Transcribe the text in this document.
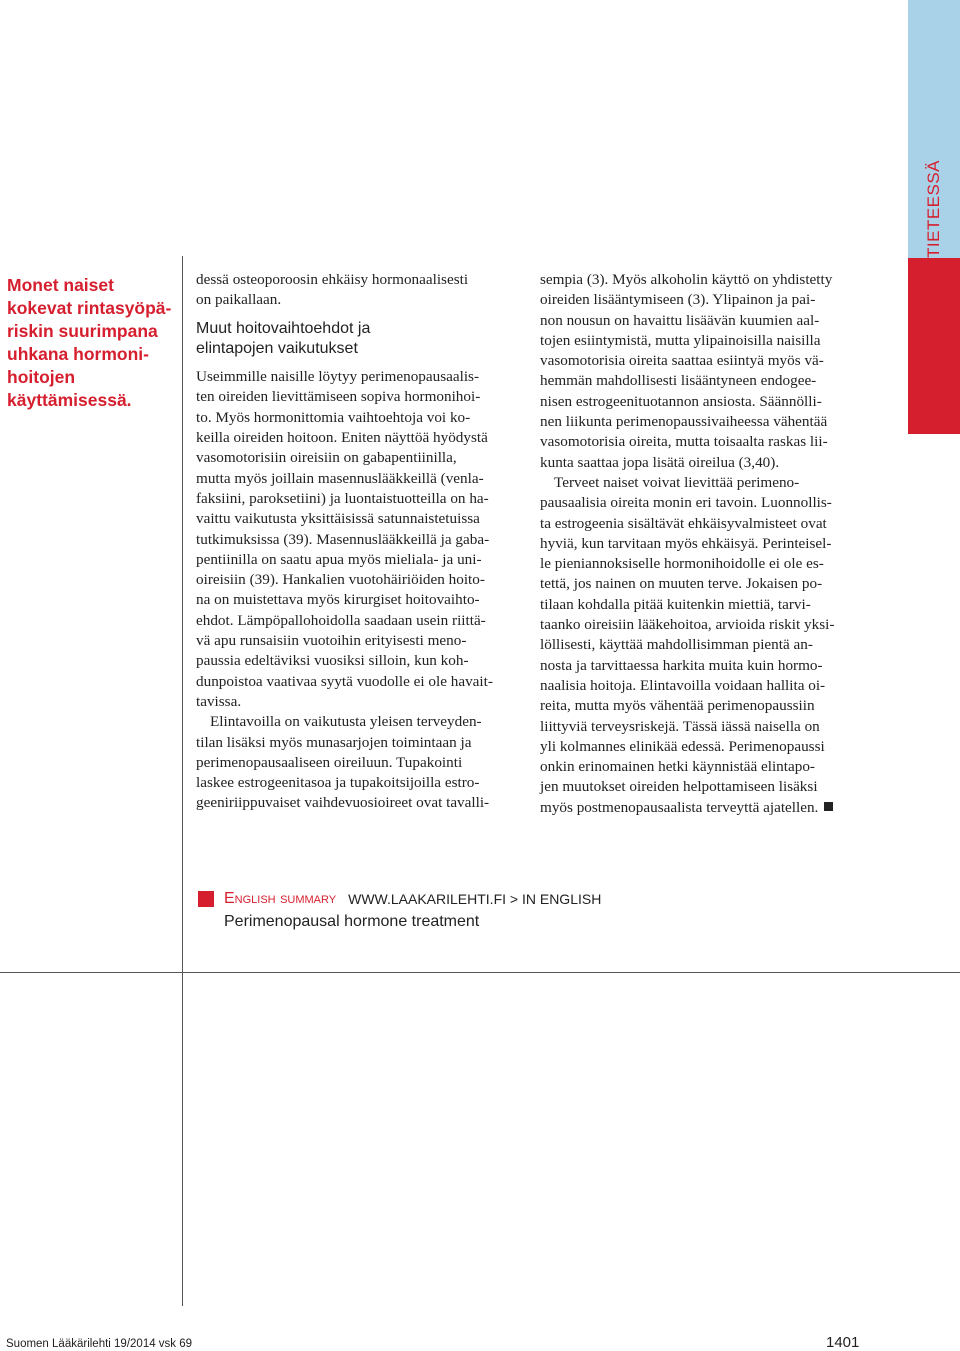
TIETEESSÄ
Monet naiset
kokevat rintasyöpä-
riskin suurimpana
uhkana hormoni-
hoitojen
käyttämisessä.
dessä osteoporoosin ehkäisy hormonaalisesti
on paikallaan.
Muut hoitovaihtoehdot ja
elintapojen vaikutukset
Useimmille naisille löytyy perimenopausaalis-
ten oireiden lievittämiseen sopiva hormonihoi-
to. Myös hormonittomia vaihtoehtoja voi ko-
keilla oireiden hoitoon. Eniten näyttöä hyödystä
vasomotorisiin oireisiin on gabapentiinilla,
mutta myös joillain masennuslääkkeillä (venla-
faksiini, paroksetiini) ja luontaistuotteilla on ha-
vaittu vaikutusta yksittäisissä satunnaistetuissa
tutkimuksissa (39). Masennuslääkkeillä ja gaba-
pentiinilla on saatu apua myös mieliala- ja uni-
oireisiin (39). Hankalien vuotohäiriöiden hoito-
na on muistettava myös kirurgiset hoitovaihto-
ehdot. Lämpöpallohoidolla saadaan usein riittä-
vä apu runsaisiin vuotoihin erityisesti meno-
paussia edeltäviksi vuosiksi silloin, kun koh-
dunpoistoa vaativaa syytä vuodolle ei ole havait-
tavissa.
Elintavoilla on vaikutusta yleisen terveyden-
tilan lisäksi myös munasarjojen toimintaan ja
perimenopausaaliseen oireiluun. Tupakointi
laskee estrogeenitasoa ja tupakoitsijoilla estro-
geeniriippuvaiset vaihdevuosioireet ovat tavalli-
sempia (3). Myös alkoholin käyttö on yhdistetty
oireiden lisääntymiseen (3). Ylipainon ja pai-
non nousun on havaittu lisäävän kuumien aal-
tojen esiintymistä, mutta ylipainoisilla naisilla
vasomotorisia oireita saattaa esiintyä myös vä-
hemmän mahdollisesti lisääntyneen endogee-
nisen estrogeenituotannon ansiosta. Säännölli-
nen liikunta perimenopaussivaiheessa vähentää
vasomotorisia oireita, mutta toisaalta raskas lii-
kunta saattaa jopa lisätä oireilua (3,40).
Terveet naiset voivat lievittää perimeno-
pausaalisia oireita monin eri tavoin. Luonnollis-
ta estrogeenia sisältävät ehkäisyvalmisteet ovat
hyviä, kun tarvitaan myös ehkäisyä. Perinteisel-
le pieniannoksiselle hormonihoidolle ei ole es-
tettä, jos nainen on muuten terve. Jokaisen po-
tilaan kohdalla pitää kuitenkin miettiä, tarvi-
taanko oireisiin lääkehoitoa, arvioida riskit yksi-
löllisesti, käyttää mahdollisimman pientä an-
nosta ja tarvittaessa harkita muita kuin hormo-
naalisia hoitoja. Elintavoilla voidaan hallita oi-
reita, mutta myös vähentää perimenopaussiin
liittyviä terveysriskejä. Tässä iässä naisella on
yli kolmannes elinikää edessä. Perimenopaussi
onkin erinomainen hetki käynnistää elintapo-
jen muutokset oireiden helpottamiseen lisäksi
myös postmenopausaalista terveyttä ajatellen.
English summary WWW.LAAKARILEHTI.FI > IN ENGLISH
Perimenopausal hormone treatment
Suomen Lääkärilehti 19/2014 vsk 69	1401
